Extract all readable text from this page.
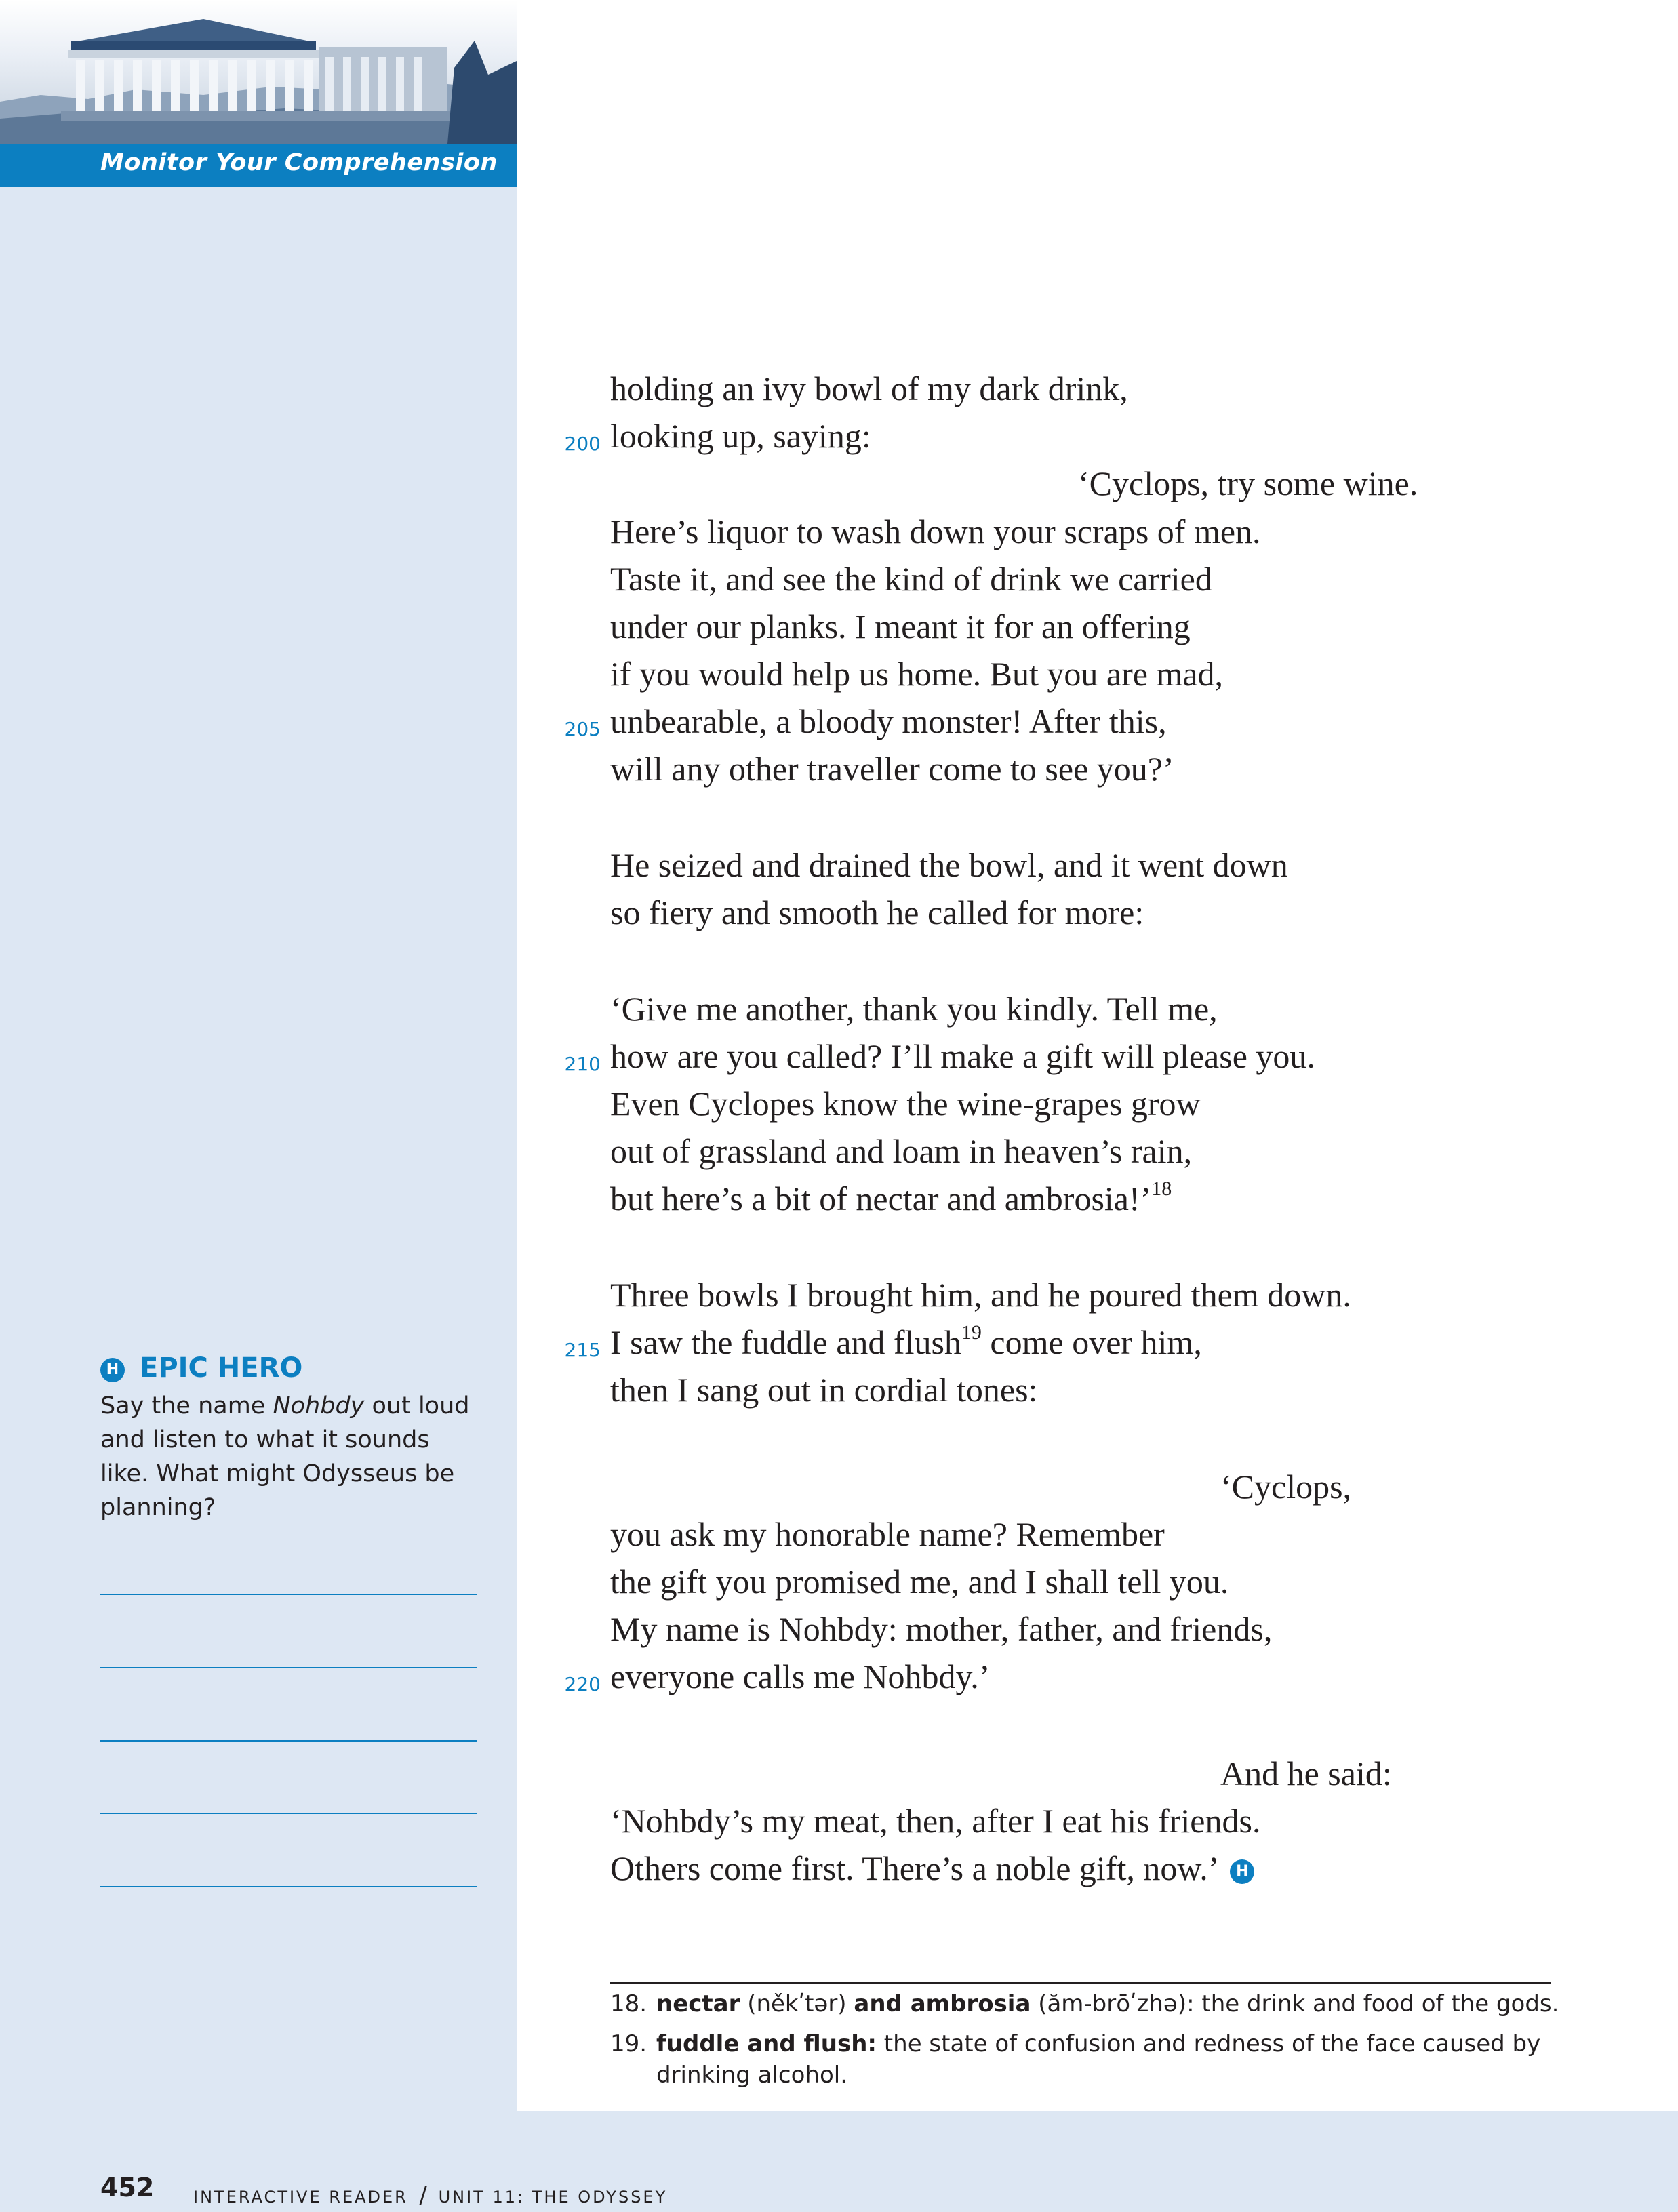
Monitor Your Comprehension
H EPIC HERO
Say the name Nohbdy out loud and listen to what it sounds like. What might Odysseus be planning?
452 INTERACTIVE READER / UNIT 11: THE ODYSSEY
holding an ivy bowl of my dark drink,
looking up, saying:
200
‘Cyclops, try some wine.
Here’s liquor to wash down your scraps of men.
Taste it, and see the kind of drink we carried
under our planks. I meant it for an offering
if you would help us home. But you are mad,
unbearable, a bloody monster! After this,
205
will any other traveller come to see you?’
He seized and drained the bowl, and it went down
so fiery and smooth he called for more:
‘Give me another, thank you kindly. Tell me,
how are you called? I’ll make a gift will please you.
210
Even Cyclopes know the wine-grapes grow
out of grassland and loam in heaven’s rain,
but here’s a bit of nectar and ambrosia!’$^{18}$
Three bowls I brought him, and he poured them down.
I saw the fuddle and flush$^{19}$ come over him,
215
then I sang out in cordial tones:
‘Cyclops,
you ask my honorable name? Remember
the gift you promised me, and I shall tell you.
My name is Nohbdy: mother, father, and friends,
everyone calls me Nohbdy.’
220
And he said:
‘Nohbdy’s my meat, then, after I eat his friends.
Others come first. There’s a noble gift, now.’ H
18. nectar (někʹtər) and ambrosia (ăm-brōʹzhə): the drink and food of the gods.
19. fuddle and flush: the state of confusion and redness of the face caused by
drinking alcohol.
